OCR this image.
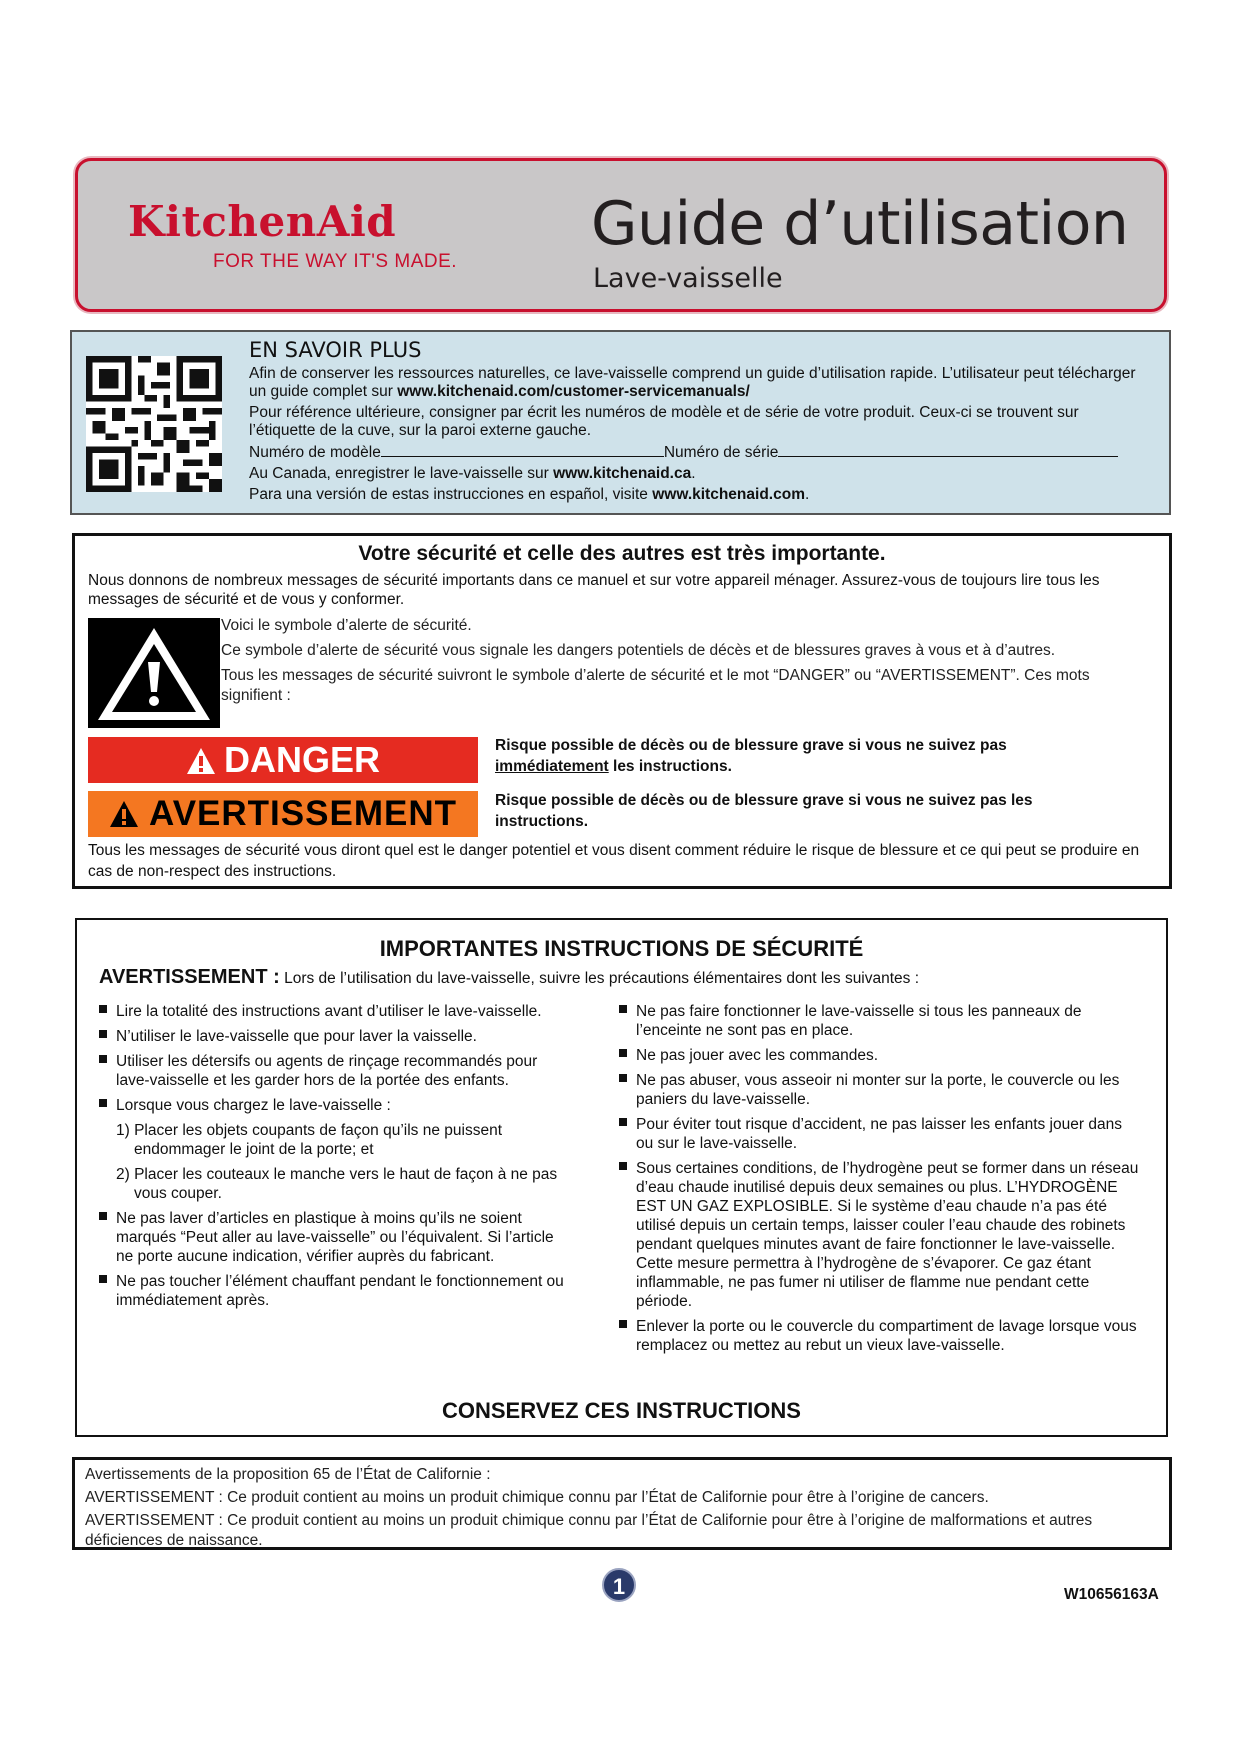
KitchenAid
FOR THE WAY IT'S MADE.
Guide d’utilisation
Lave-vaisselle
EN SAVOIR PLUS

Afin de conserver les ressources naturelles, ce lave-vaisselle comprend un guide d’utilisation rapide. L’utilisateur peut télécharger un guide complet sur www.kitchenaid.com/customer-servicemanuals/

Pour référence ultérieure, consigner par écrit les numéros de modèle et de série de votre produit. Ceux-ci se trouvent sur l’étiquette de la cuve, sur la paroi externe gauche.

Numéro de modèle	Numéro de série

Au Canada, enregistrer le lave-vaisselle sur www.kitchenaid.ca.

Para una versión de estas instrucciones en español, visite www.kitchenaid.com.

Votre sécurité et celle des autres est très importante.
Nous donnons de nombreux messages de sécurité importants dans ce manuel et sur votre appareil ménager. Assurez-vous de toujours lire tous les messages de sécurité et de vous y conformer.

Voici le symbole d’alerte de sécurité.

Ce symbole d’alerte de sécurité vous signale les dangers potentiels de décès et de blessures graves à vous et à d’autres.

Tous les messages de sécurité suivront le symbole d’alerte de sécurité et le mot “DANGER” ou “AVERTISSEMENT”. Ces mots signifient :

DANGER
AVERTISSEMENT
Risque possible de décès ou de blessure grave si vous ne suivez pas immédiatement les instructions.
Risque possible de décès ou de blessure grave si vous ne suivez pas les instructions.
Tous les messages de sécurité vous diront quel est le danger potentiel et vous disent comment réduire le risque de blessure et ce qui peut se produire en cas de non-respect des instructions.
IMPORTANTES INSTRUCTIONS DE SÉCURITÉ
AVERTISSEMENT : Lors de l’utilisation du lave-vaisselle, suivre les précautions élémentaires dont les suivantes :
Lire la totalité des instructions avant d’utiliser le lave-vaisselle.
N’utiliser le lave-vaisselle que pour laver la vaisselle.
Utiliser les détersifs ou agents de rinçage recommandés pour lave-vaisselle et les garder hors de la portée des enfants.
Lorsque vous chargez le lave-vaisselle :
1) Placer les objets coupants de façon qu’ils ne puissent endommager le joint de la porte; et
2) Placer les couteaux le manche vers le haut de façon à ne pas vous couper.
Ne pas laver d’articles en plastique à moins qu’ils ne soient marqués “Peut aller au lave-vaisselle” ou l’équivalent. Si l’article ne porte aucune indication, vérifier auprès du fabricant.
Ne pas toucher l’élément chauffant pendant le fonctionnement ou immédiatement après.
Ne pas faire fonctionner le lave-vaisselle si tous les panneaux de l’enceinte ne sont pas en place.
Ne pas jouer avec les commandes.
Ne pas abuser, vous asseoir ni monter sur la porte, le couvercle ou les paniers du lave-vaisselle.
Pour éviter tout risque d’accident, ne pas laisser les enfants jouer dans ou sur le lave-vaisselle.
Sous certaines conditions, de l’hydrogène peut se former dans un réseau d’eau chaude inutilisé depuis deux semaines ou plus. L’HYDROGÈNE EST UN GAZ EXPLOSIBLE. Si le système d’eau chaude n’a pas été utilisé depuis un certain temps, laisser couler l’eau chaude des robinets pendant quelques minutes avant de faire fonctionner le lave-vaisselle. Cette mesure permettra à l’hydrogène de s’évaporer. Ce gaz étant inflammable, ne pas fumer ni utiliser de flamme nue pendant cette période.
Enlever la porte ou le couvercle du compartiment de lavage lorsque vous remplacez ou mettez au rebut un vieux lave-vaisselle.
CONSERVEZ CES INSTRUCTIONS

Avertissements de la proposition 65 de l’État de Californie :

AVERTISSEMENT : Ce produit contient au moins un produit chimique connu par l’État de Californie pour être à l’origine de cancers.

AVERTISSEMENT : Ce produit contient au moins un produit chimique connu par l’État de Californie pour être à l’origine de malformations et autres déficiences de naissance.

1	W10656163A
